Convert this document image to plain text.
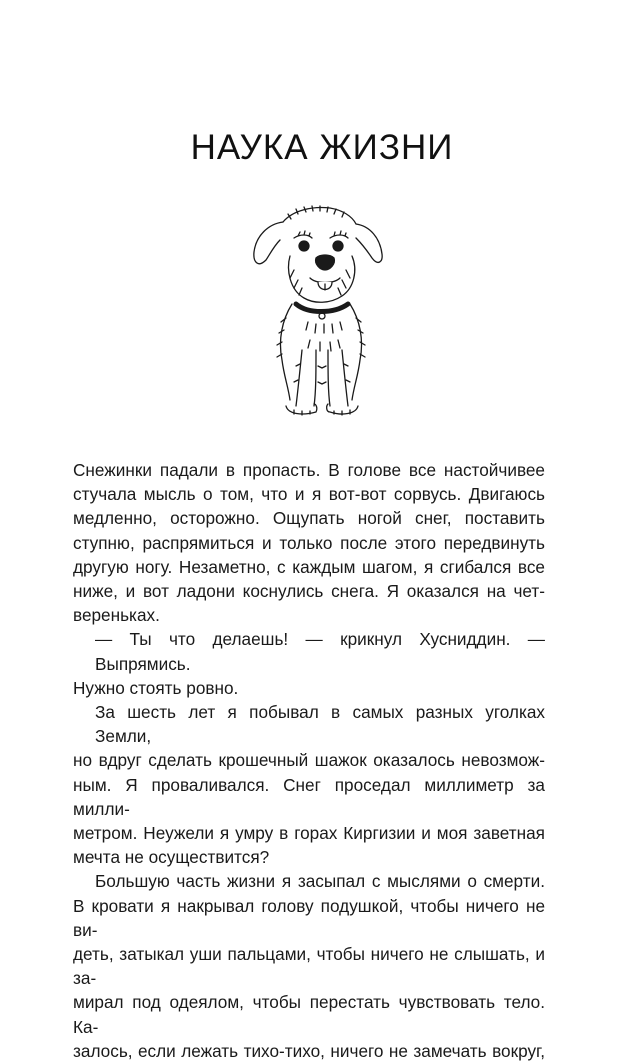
НАУКА ЖИЗНИ

Снежинки падали в пропасть. В голове все настойчивее
стучала мысль о том, что и я вот-вот сорвусь. Двигаюсь
медленно, осторожно. Ощупать ногой снег, поставить
ступню, распрямиться и только после этого передвинуть
другую ногу. Незаметно, с каждым шагом, я сгибался все
ниже, и вот ладони коснулись снега. Я оказался на чет-
вереньках.

— Ты что делаешь! — крикнул Хусниддин. — Выпрямись.
Нужно стоять ровно.

За шесть лет я побывал в самых разных уголках Земли,
но вдруг сделать крошечный шажок оказалось невозмож-
ным. Я проваливался. Снег проседал миллиметр за милли-
метром. Неужели я умру в горах Киргизии и моя заветная
мечта не осуществится?

Большую часть жизни я засыпал с мыслями о смерти.
В кровати я накрывал голову подушкой, чтобы ничего не ви-
деть, затыкал уши пальцами, чтобы ничего не слышать, и за-
мирал под одеялом, чтобы перестать чувствовать тело. Ка-
залось, если лежать тихо-тихо, ничего не замечать вокруг,
